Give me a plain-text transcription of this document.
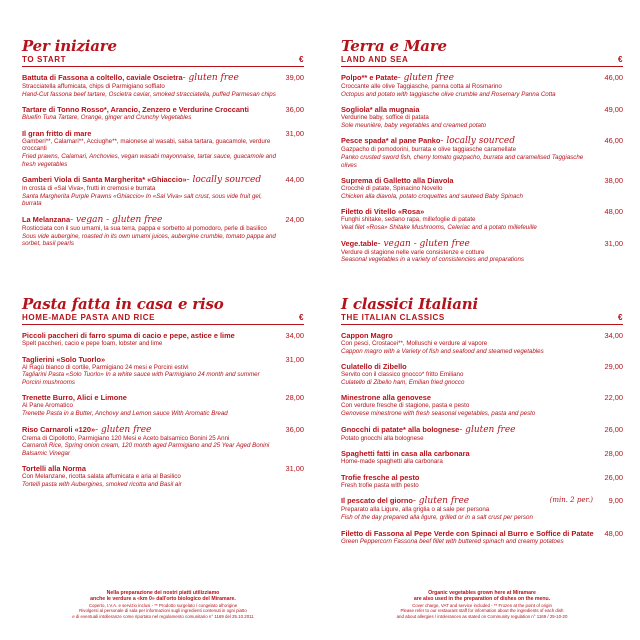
Per iniziare
TO START	€
Battuta di Fassona a coltello, caviale Oscietra- gluten free	39,00
Stracciatella affumicata, chips di Parmigiano soffiato
Hand-Cut fassona beef tartare, Oscietra caviar, smoked stracciatella, puffed Parmesan chips
Tartare di Tonno Rosso*, Arancio, Zenzero e Verdurine Croccanti	36,00
Bluefin Tuna Tartare, Orange, ginger and Crunchy Vegetables
Il gran fritto di mare	31,00
Gamberi**, Calamari**, Acciughe**, maionese al wasabi, salsa tartara, guacamole, verdure croccanti
Fried prawns, Calamari, Anchovies, vegan wasabi mayonnaise, tartar sauce, guacamole and fresh vegetables
Gamberi Viola di Santa Margherita* «Ghiaccio»- locally sourced	44,00
In crosta di «Sal Viva», frutti in cremosi e burrata
Santa Margherita Purple Prawns «Ghiaccio» In «Sal Viva» salt crust, sous vide fruit gel, burrata
La Melanzana- vegan - gluten free	24,00
Rosticciata con il suo umami, la sua terra, pappa e sorbetto al pomodoro, perle di basilico
Sous vide aubergine, roasted in its own umami juices, aubergine crumble, tomato pappa and sorbet, basil pearls
Pasta fatta in casa e riso
HOME-MADE PASTA AND RICE	€
Piccoli paccheri di farro spuma di cacio e pepe, astice e lime	34,00
Spelt paccheri, cacio e pepe foam, lobster and lime
Taglierini «Solo Tuorlo»	31,00
Al Ragù bianco di cortile, Parmigiano 24 mesi e Porcini estivi
Tagliarini Pasta «Solo Tuorlo» In a white sauce with Parmigiano 24 month and summer Porcini mushrooms
Trenette Burro, Alici e Limone	28,00
Al Pane Aromatico
Trenette Pasta in a Butter, Anchovy and Lemon sauce With Aromatic Bread
Riso Carnaroli «120»- gluten free	36,00
Crema di Cipollotto, Parmigiano 120 Mesi e Aceto balsamico Bonini 25 Anni
Carnaroli Rice, Spring onion cream, 120 month aged Parmigiano and 25 Year Aged Bonini Balsamic Vinegar
Tortelli alla Norma	31,00
Con Melanzane, ricotta salata affumicata e aria al Basilico
Tortelli pasta with Aubergines, smoked ricotta and Basil air
Nella preparazione dei nostri piatti utilizziamo
anche le verdure a «km 0» dall'orto biologico del Miramare.
Coperto, I.V.A. e servizio inclusi - ** Prodotto surgelato / congelato all'origine
Rivolgersi al personale di sala per informazioni sugli ingredienti contenuti in ogni piatto
e di eventuali intolleranze come riportato nel regolamento comunitario n° 1169 del 25.10.2011
Terra e Mare
LAND AND SEA	€
Polpo** e Patate- gluten free	46,00
Croccante alle olive Taggiasche, panna cotta al Rosmarino
Octopus and potato with taggiasche olive crumble and Rosemary Panna Cotta
Sogliola* alla mugnaia	49,00
Verdurine baby, soffice di patata
Sole meunière, baby vegetables and creamed potato
Pesce spada* al pane Panko- locally sourced	46,00
Gazpacho di pomodorini, burrata e olive taggiasche caramellate
Panko crusted sword fish, cherry tomato gazpacho, burrata and caramelised Taggiasche olives
Suprema di Galletto alla Diavola	38,00
Crocchè di patate, Spinacino Novello
Chicken alla diavola, potato croquettes and sauteed Baby Spinach
Filetto di Vitello «Rosa»	48,00
Funghi shitake, sedano rapa, millefoglie di patate
Veal filet «Rosa» Shitake Mushrooms, Celeriac and a potato millefeuille
Vege.table- vegan - gluten free	31,00
Verdure di stagione nelle varie consistenze e cotture
Seasonal vegetables in a variety of consistencies and preparations
I classici Italiani
THE ITALIAN CLASSICS	€
Cappon Magro	34,00
Con pesci, Crostacei**, Molluschi e verdure al vapore
Cappon magro with a Variety of fish and seafood and steamed vegetables
Culatello di Zibello	29,00
Servito con il classico gnocco* fritto Emiliano
Culatello di Zibello ham, Emilian fried gnocco
Minestrone alla genovese	22,00
Con verdure fresche di stagione, pasta e pesto
Genovese minestrone with fresh seasonal vegetables, pasta and pesto
Gnocchi di patate* alla bolognese- gluten free	26,00
Potato gnocchi alla bolognese
Spaghetti fatti in casa alla carbonara	28,00
Home-made spaghetti alla carbonara
Trofie fresche al pesto	26,00
Fresh trofie pasta with pesto
Il pescato del giorno- gluten free	(min. 2 per.) 9,00
Preparato alla Ligure, alla griglia o al sale per persona
Fish of the day prepared alla ligure, grilled or in a salt crust per person
Filetto di Fassona al Pepe Verde con Spinaci al Burro e Soffice di Patate 48,00
Green Peppercorn Fassona beef fillet with buttered spinach and creamy potatoes
Organic vegetables grown here at Miramare
are also used in the preparation of dishes on the menu.
Cover charge, VAT and service included - ** Frozen at the point of origin
Please refer to our restaurant staff for information about the ingredients of each dish
and about allergies / intolerances as stated on Community regulation n° 1169 / 25-10-20
